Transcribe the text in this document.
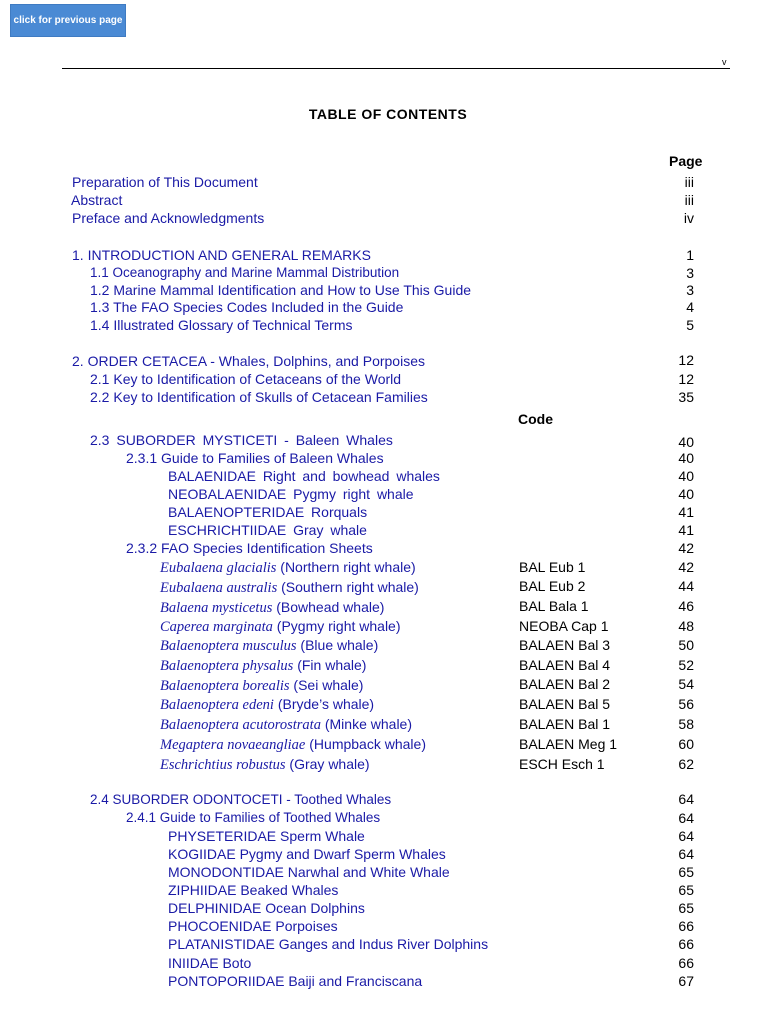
click for previous page
v
TABLE OF CONTENTS
Page
Code
Preparation of This Document	iii
Abstract	iii
Preface and Acknowledgments	iv
1. INTRODUCTION AND GENERAL REMARKS	1
1.1 Oceanography and Marine Mammal Distribution	3
1.2 Marine Mammal Identification and How to Use This Guide	3
1.3 The FAO Species Codes Included in the Guide	4
1.4 Illustrated Glossary of Technical Terms	5
2. ORDER CETACEA - Whales, Dolphins, and Porpoises	12
2.1 Key to Identification of Cetaceans of the World	12
2.2 Key to Identification of Skulls of Cetacean Families	35
2.3 SUBORDER MYSTICETI - Baleen Whales	40
2.3.1 Guide to Families of Baleen Whales	40
BALAENIDAE Right and bowhead whales	40
NEOBALAENIDAE Pygmy right whale	40
BALAENOPTERIDAE Rorquals	41
ESCHRICHTIIDAE Gray whale	41
2.3.2 FAO Species Identification Sheets	42
Eubalaena glacialis (Northern right whale)	BAL Eub 1	42
Eubalaena australis (Southern right whale)	BAL Eub 2	44
Balaena mysticetus (Bowhead whale)	BAL Bala 1	46
Caperea marginata (Pygmy right whale)	NEOBA Cap 1	48
Balaenoptera musculus (Blue whale)	BALAEN Bal 3	50
Balaenoptera physalus (Fin whale)	BALAEN Bal 4	52
Balaenoptera borealis (Sei whale)	BALAEN Bal 2	54
Balaenoptera edeni (Bryde’s whale)	BALAEN Bal 5	56
Balaenoptera acutorostrata (Minke whale)	BALAEN Bal 1	58
Megaptera novaeangliae (Humpback whale)	BALAEN Meg 1	60
Eschrichtius robustus (Gray whale)	ESCH Esch 1	62
2.4 SUBORDER ODONTOCETI - Toothed Whales	64
2.4.1 Guide to Families of Toothed Whales	64
PHYSETERIDAE Sperm Whale	64
KOGIIDAE Pygmy and Dwarf Sperm Whales	64
MONODONTIDAE Narwhal and White Whale	65
ZIPHIIDAE Beaked Whales	65
DELPHINIDAE Ocean Dolphins	65
PHOCOENIDAE Porpoises	66
PLATANISTIDAE Ganges and Indus River Dolphins	66
INIIDAE Boto	66
PONTOPORIIDAE Baiji and Franciscana	67
